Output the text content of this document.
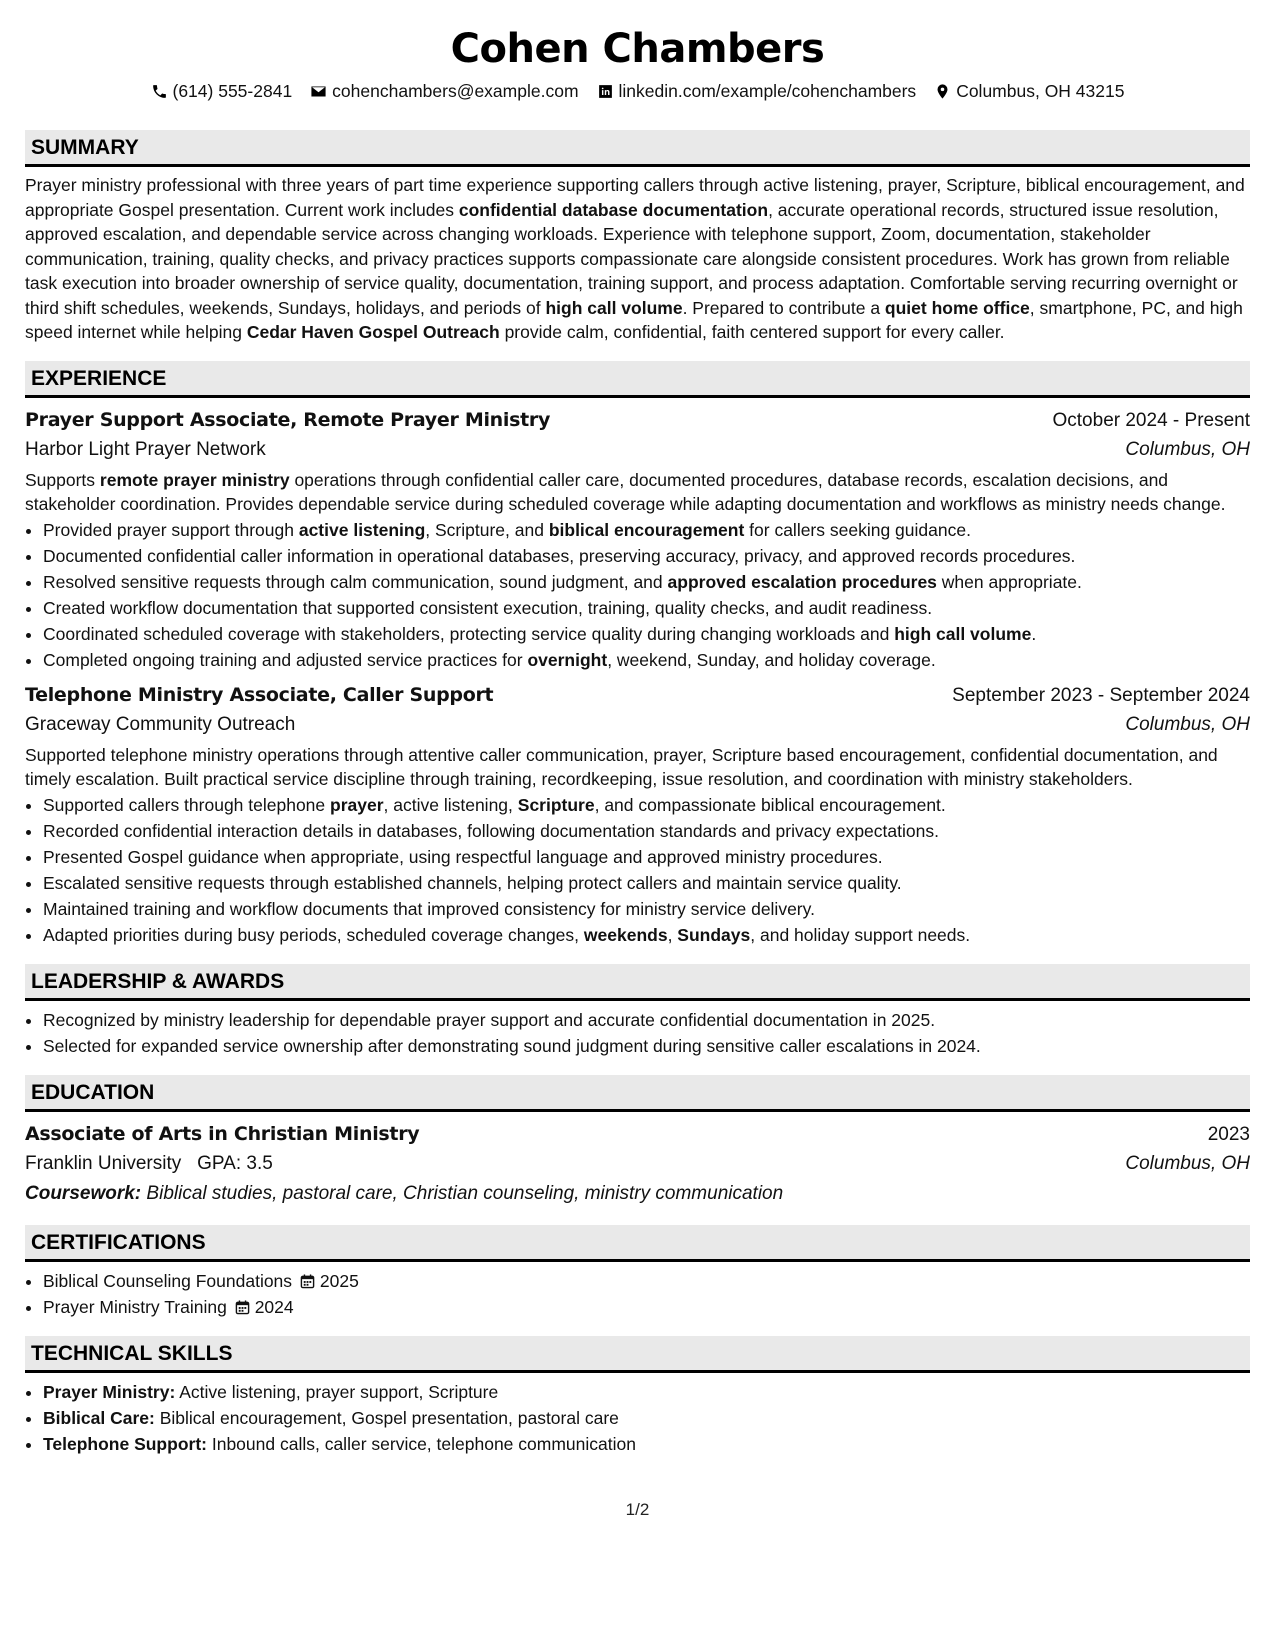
Cohen Chambers
(614) 555-2841 cohenchambers@example.com linkedin.com/example/cohenchambers Columbus, OH 43215
SUMMARY

Prayer ministry professional with three years of part time experience supporting callers through active listening, prayer, Scripture, biblical encouragement, and appropriate Gospel presentation. Current work includes confidential database documentation, accurate operational records, structured issue resolution, approved escalation, and dependable service across changing workloads. Experience with telephone support, Zoom, documentation, stakeholder communication, training, quality checks, and privacy practices supports compassionate care alongside consistent procedures. Work has grown from reliable task execution into broader ownership of service quality, documentation, training support, and process adaptation. Comfortable serving recurring overnight or third shift schedules, weekends, Sundays, holidays, and periods of high call volume. Prepared to contribute a quiet home office, smartphone, PC, and high speed internet while helping Cedar Haven Gospel Outreach provide calm, confidential, faith centered support for every caller.

EXPERIENCE
Prayer Support Associate, Remote Prayer Ministry	October 2024 - Present
Harbor Light Prayer Network	Columbus, OH
Supports remote prayer ministry operations through confidential caller care, documented procedures, database records, escalation decisions, and stakeholder coordination. Provides dependable service during scheduled coverage while adapting documentation and workflows as ministry needs change.
• Provided prayer support through active listening, Scripture, and biblical encouragement for callers seeking guidance.
• Documented confidential caller information in operational databases, preserving accuracy, privacy, and approved records procedures.
• Resolved sensitive requests through calm communication, sound judgment, and approved escalation procedures when appropriate.
• Created workflow documentation that supported consistent execution, training, quality checks, and audit readiness.
• Coordinated scheduled coverage with stakeholders, protecting service quality during changing workloads and high call volume.
• Completed ongoing training and adjusted service practices for overnight, weekend, Sunday, and holiday coverage.
Telephone Ministry Associate, Caller Support	September 2023 - September 2024
Graceway Community Outreach	Columbus, OH
Supported telephone ministry operations through attentive caller communication, prayer, Scripture based encouragement, confidential documentation, and timely escalation. Built practical service discipline through training, recordkeeping, issue resolution, and coordination with ministry stakeholders.
• Supported callers through telephone prayer, active listening, Scripture, and compassionate biblical encouragement.
• Recorded confidential interaction details in databases, following documentation standards and privacy expectations.
• Presented Gospel guidance when appropriate, using respectful language and approved ministry procedures.
• Escalated sensitive requests through established channels, helping protect callers and maintain service quality.
• Maintained training and workflow documents that improved consistency for ministry service delivery.
• Adapted priorities during busy periods, scheduled coverage changes, weekends, Sundays, and holiday support needs.
LEADERSHIP & AWARDS
• Recognized by ministry leadership for dependable prayer support and accurate confidential documentation in 2025.
• Selected for expanded service ownership after demonstrating sound judgment during sensitive caller escalations in 2024.
EDUCATION
Associate of Arts in Christian Ministry	2023
Franklin University GPA: 3.5	Columbus, OH
Coursework: Biblical studies, pastoral care, Christian counseling, ministry communication
CERTIFICATIONS
• Biblical Counseling Foundations 2025
• Prayer Ministry Training 2024
TECHNICAL SKILLS
• Prayer Ministry: Active listening, prayer support, Scripture
• Biblical Care: Biblical encouragement, Gospel presentation, pastoral care
• Telephone Support: Inbound calls, caller service, telephone communication
1/2
